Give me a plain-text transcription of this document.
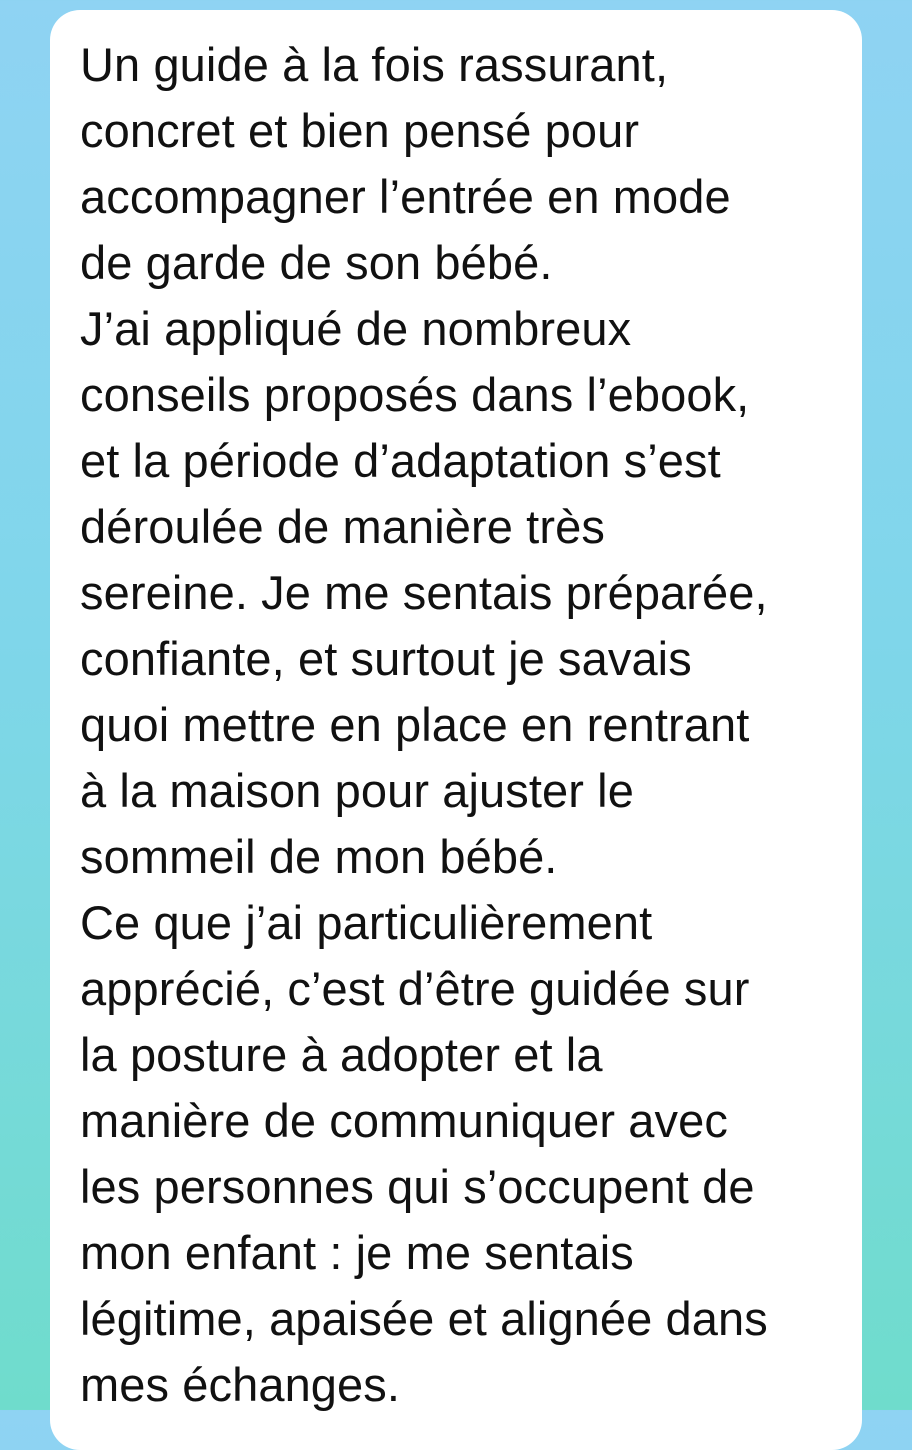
Un guide à la fois rassurant,
concret et bien pensé pour
accompagner l’entrée en mode
de garde de son bébé.
J’ai appliqué de nombreux
conseils proposés dans l’ebook,
et la période d’adaptation s’est
déroulée de manière très
sereine. Je me sentais préparée,
confiante, et surtout je savais
quoi mettre en place en rentrant
à la maison pour ajuster le
sommeil de mon bébé.
Ce que j’ai particulièrement
apprécié, c’est d’être guidée sur
la posture à adopter et la
manière de communiquer avec
les personnes qui s’occupent de
mon enfant : je me sentais
légitime, apaisée et alignée dans
mes échanges.
